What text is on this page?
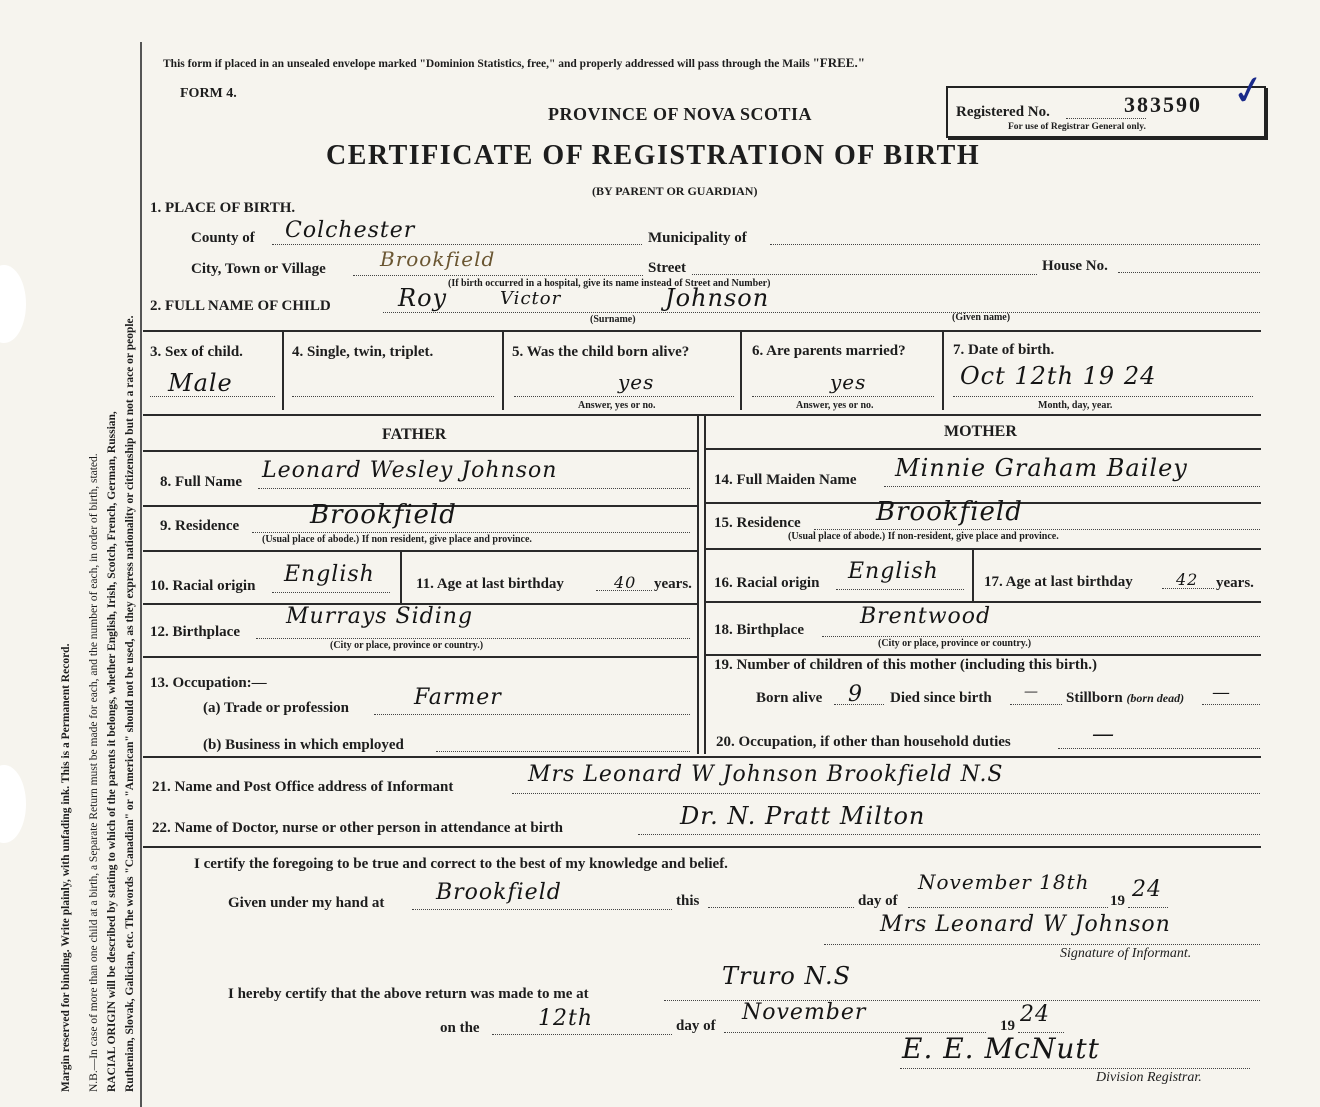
Margin reserved for binding. Write plainly, with unfading ink. This is a Permanent Record. N.B.—In case of more than one child at a birth, a Separate Return must be made for each, and the number of each, in order of birth, stated. RACIAL ORIGIN will be described by stating to which of the parents it belongs, whether English, Irish, Scotch, French, German, Russian, Ruthenian, Slovak, Galician, etc. The words "Canadian" or "American" should not be used, as they express nationality or citizenship but not a race or people.
This form if placed in an unsealed envelope marked "Dominion Statistics, free," and properly addressed will pass through the Mails "FREE."
FORM 4.
PROVINCE OF NOVA SCOTIA
CERTIFICATE OF REGISTRATION OF BIRTH
(BY PARENT OR GUARDIAN)
Registered No.	383590 ✓
For use of Registrar General only.
1. PLACE OF BIRTH.
County of Colchester	Municipality of
City, Town or Village	Brookfield	Street	House No.
(If birth occurred in a hospital, give its name instead of Street and Number)
2. FULL NAME OF CHILD	Roy	Victor	Johnson
(Surname)	(Given name)
3. Sex of child.
Male
4. Single, twin, triplet.	5. Was the child born alive?
yes
Answer, yes or no.
6. Are parents married?
yes
Answer, yes or no.
7. Date of birth.
Oct 12th 19 24
Month, day, year.
FATHER	MOTHER
8. Full Name Leonard Wesley Johnson
9. Residence	Brookfield
(Usual place of abode.) If non resident, give place and province.
10. Racial origin English	11. Age at last birthday	40 years.
12. Birthplace
Murrays Siding
(City or place, province or country.)
13. Occupation:—
(a) Trade or profession	Farmer
(b) Business in which employed
14. Full Maiden Name Minnie Graham Bailey
15. Residence	Brookfield
(Usual place of abode.) If non-resident, give place and province.
16. Racial origin English	17. Age at last birthday	42 years.
18. Birthplace
Brentwood
(City or place, province or country.)
19. Number of children of this mother (including this birth.)
Born alive 9 Died since birth — Stillborn (born dead) —
20. Occupation, if other than household duties	—
21. Name and Post Office address of Informant	Mrs Leonard W Johnson Brookfield N.S
22. Name of Doctor, nurse or other person in attendance at birth	Dr. N. Pratt Milton
I certify the foregoing to be true and correct to the best of my knowledge and belief.
Given under my hand at Brookfield	this	day of
November 18th
19 24
Mrs Leonard W Johnson
Signature of Informant.
I hereby certify that the above return was made to me at
Truro N.S
on the	12th	day of
November
19 24
E. E. McNutt
Division Registrar.
